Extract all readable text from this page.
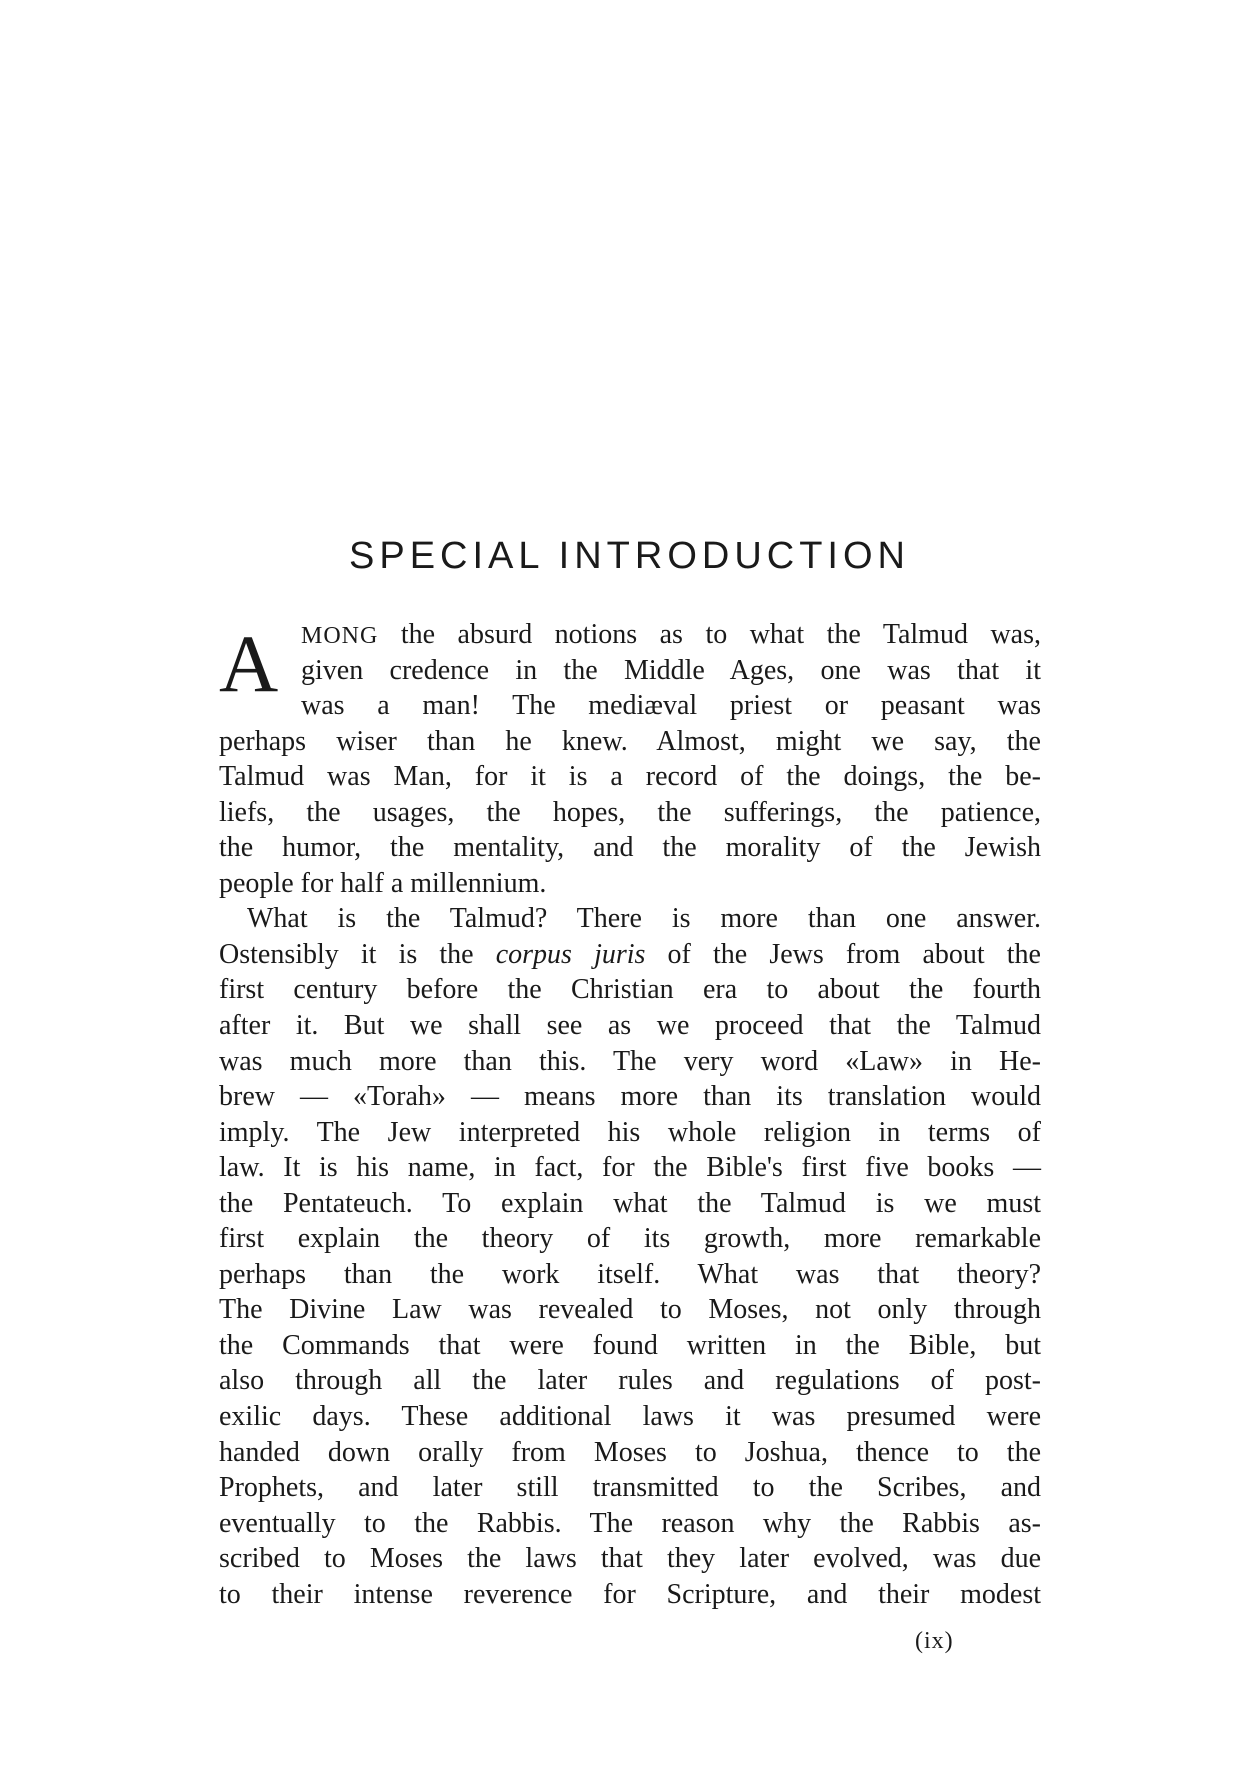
SPECIAL INTRODUCTION
A MONG the absurd notions as to what the Talmud was,
given credence in the Middle Ages, one was that it
was a man! The mediæval priest or peasant was
perhaps wiser than he knew. Almost, might we say, the
Talmud was Man, for it is a record of the doings, the be-
liefs, the usages, the hopes, the sufferings, the patience,
the humor, the mentality, and the morality of the Jewish
people for half a millennium.
What is the Talmud? There is more than one answer.
Ostensibly it is the corpus juris of the Jews from about the
first century before the Christian era to about the fourth
after it. But we shall see as we proceed that the Talmud
was much more than this. The very word «Law» in He-
brew — «Torah» — means more than its translation would
imply. The Jew interpreted his whole religion in terms of
law. It is his name, in fact, for the Bible's first five books —
the Pentateuch. To explain what the Talmud is we must
first explain the theory of its growth, more remarkable
perhaps than the work itself. What was that theory?
The Divine Law was revealed to Moses, not only through
the Commands that were found written in the Bible, but
also through all the later rules and regulations of post-
exilic days. These additional laws it was presumed were
handed down orally from Moses to Joshua, thence to the
Prophets, and later still transmitted to the Scribes, and
eventually to the Rabbis. The reason why the Rabbis as-
scribed to Moses the laws that they later evolved, was due
to their intense reverence for Scripture, and their modest
(ix)
